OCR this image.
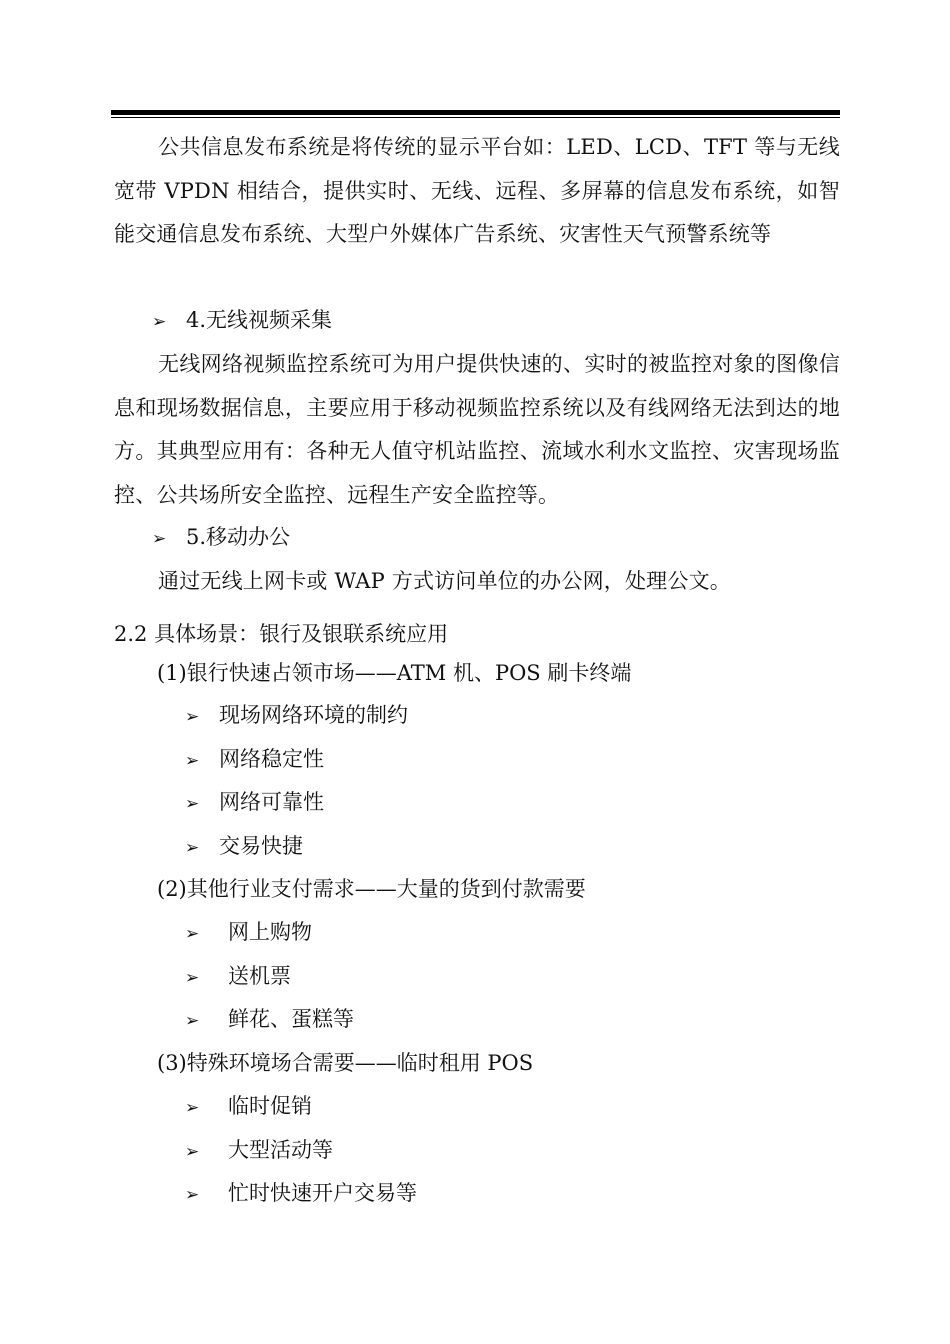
公共信息发布系统是将传统的显示平台如：LED、LCD、TFT 等与无线宽带 VPDN 相结合，提供实时、无线、远程、多屏幕的信息发布系统，如智能交通信息发布系统、大型户外媒体广告系统、灾害性天气预警系统等

➢ 4.无线视频采集

无线网络视频监控系统可为用户提供快速的、实时的被监控对象的图像信息和现场数据信息，主要应用于移动视频监控系统以及有线网络无法到达的地方。其典型应用有：各种无人值守机站监控、流域水利水文监控、灾害现场监控、公共场所安全监控、远程生产安全监控等。

➢ 5.移动办公

通过无线上网卡或 WAP 方式访问单位的办公网，处理公文。

2.2 具体场景：银行及银联系统应用
(1)银行快速占领市场——ATM 机、POS 刷卡终端
➢ 现场网络环境的制约
➢ 网络稳定性
➢ 网络可靠性
➢ 交易快捷
(2)其他行业支付需求——大量的货到付款需要
➢ 网上购物
➢ 送机票
➢ 鲜花、蛋糕等
(3)特殊环境场合需要——临时租用 POS
➢ 临时促销
➢ 大型活动等
➢ 忙时快速开户交易等
